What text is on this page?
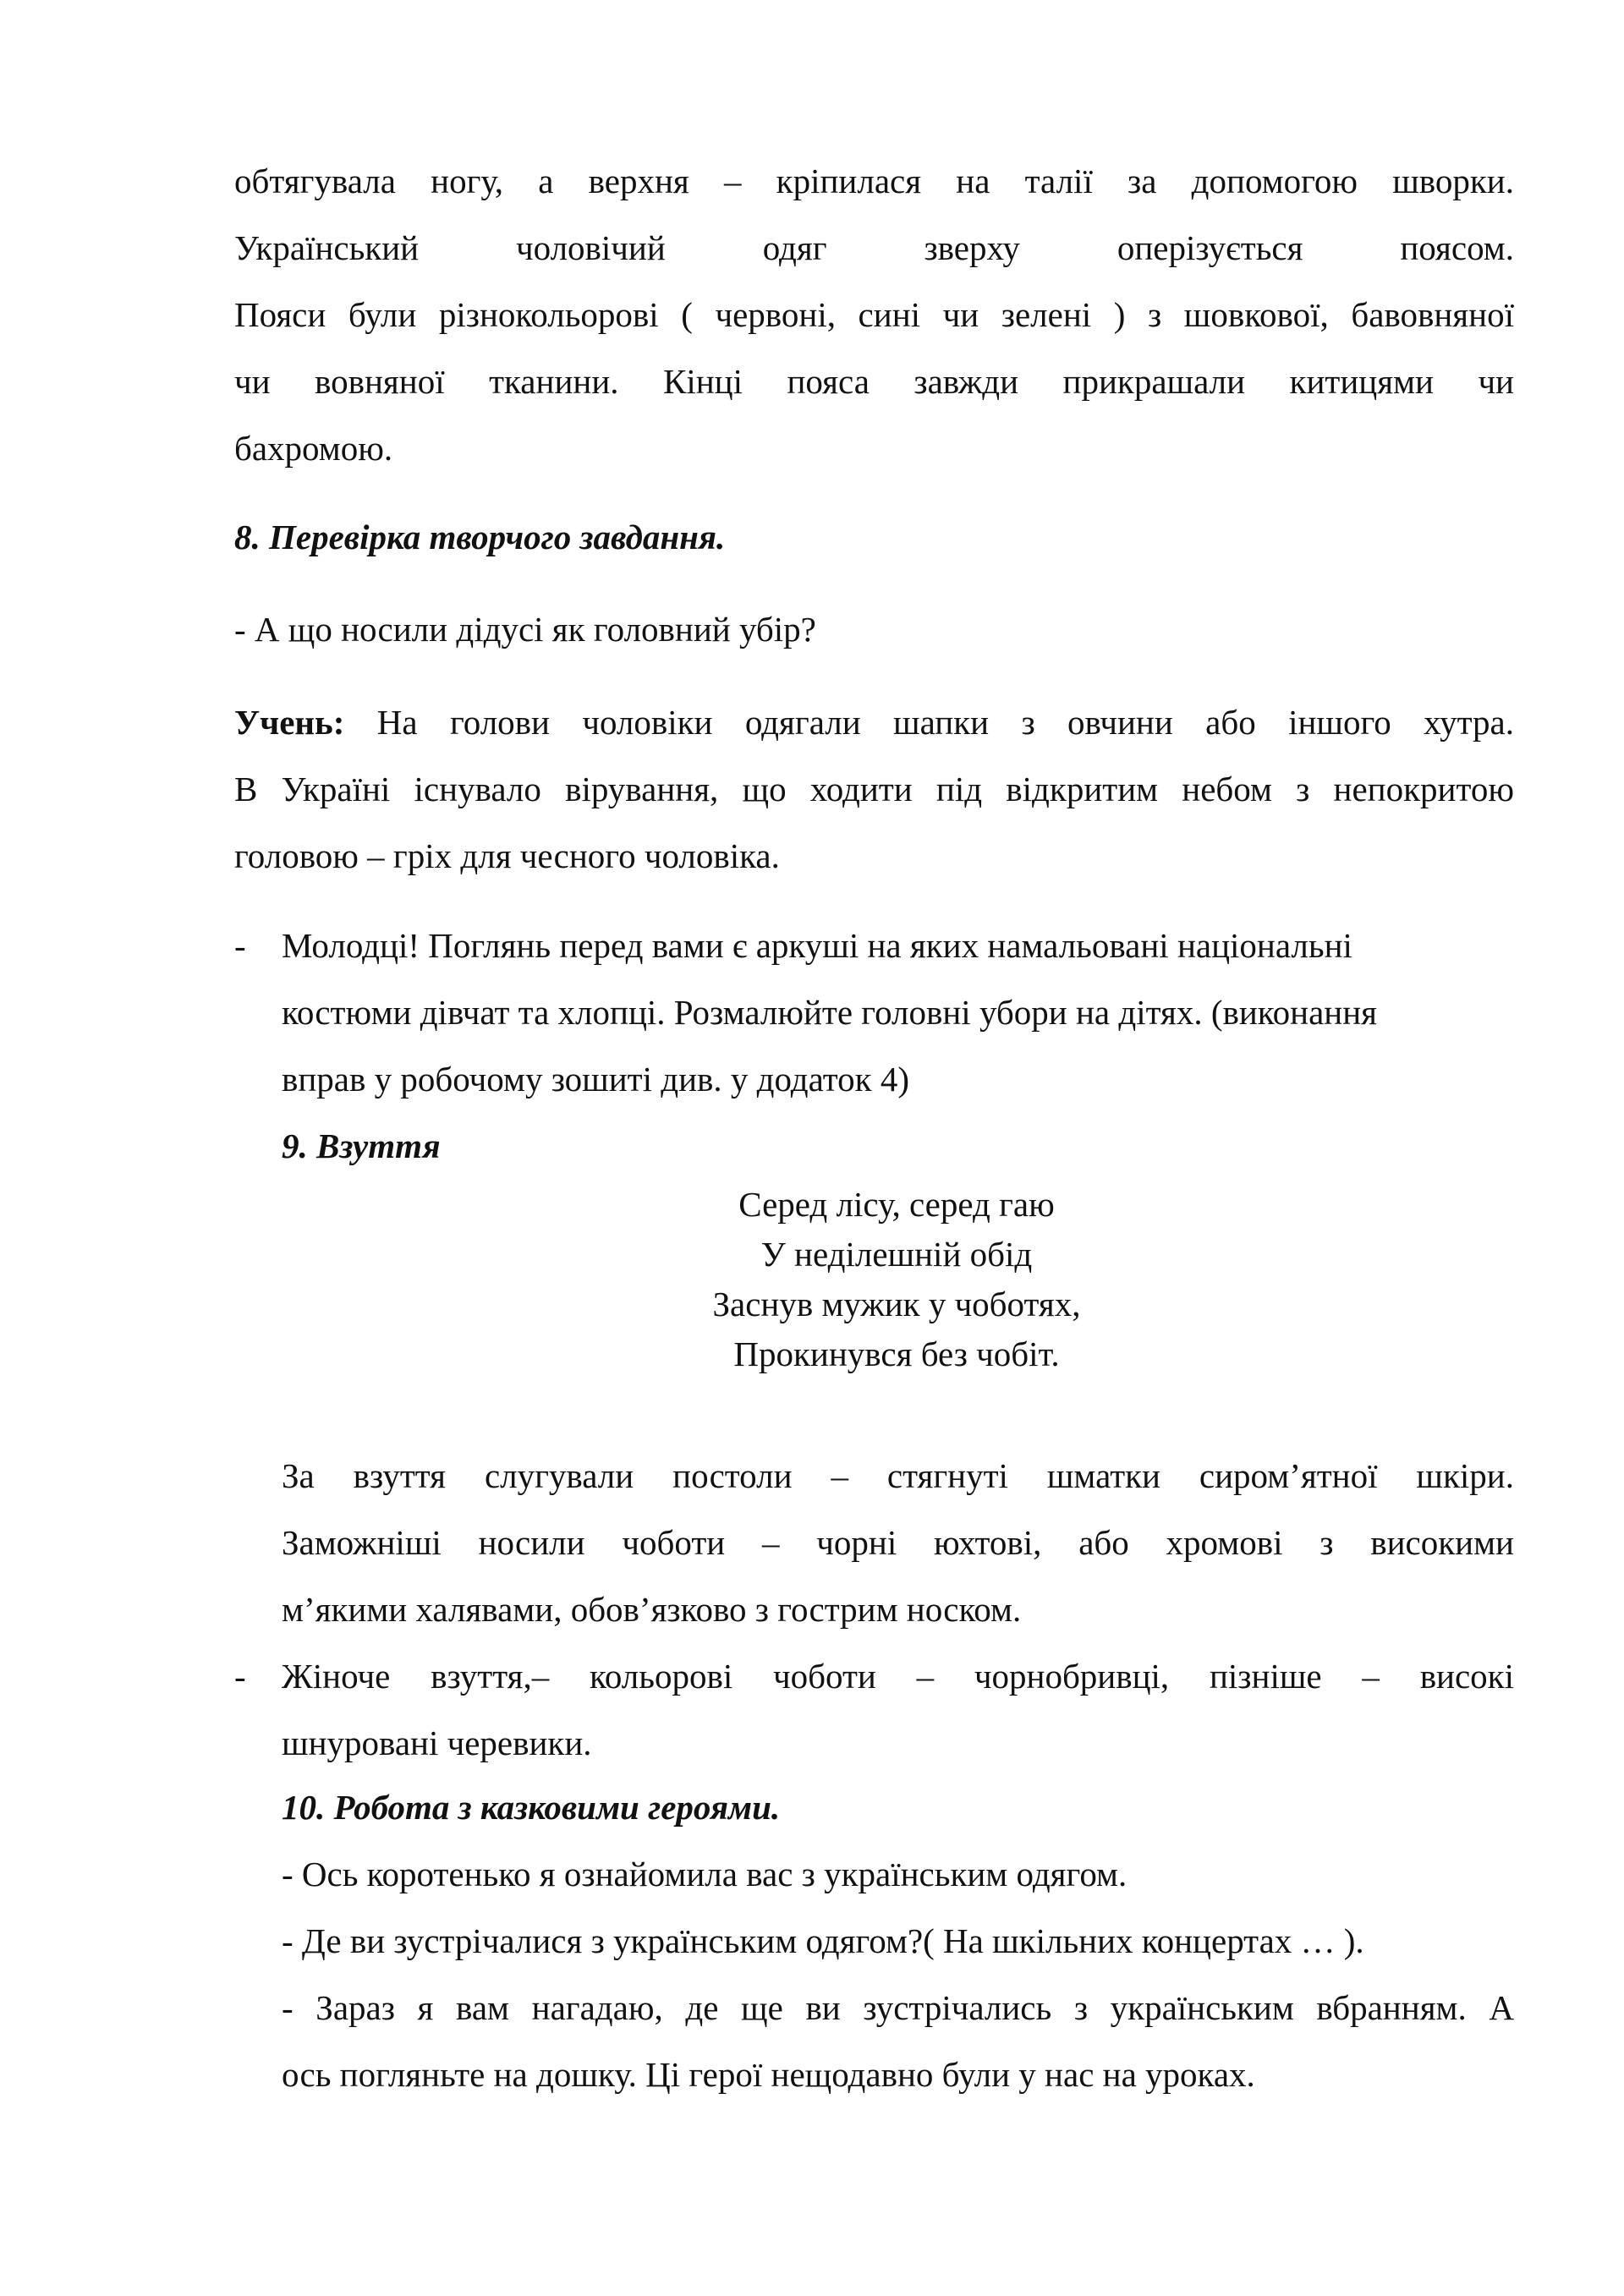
обтягувала ногу, а верхня – кріпилася на талії за допомогою шворки.
Український чоловічий одяг зверху оперізується поясом.
Пояси були різнокольорові ( червоні, сині чи зелені ) з шовкової, бавовняної
чи вовняної тканини. Кінці пояса завжди прикрашали китицями чи
бахромою.
8. Перевірка творчого завдання.
- А що носили дідусі як головний убір?
Учень: На голови чоловіки одягали шапки з овчини або іншого хутра.
В Україні існувало вірування, що ходити під відкритим небом з непокритою
головою – гріх для чесного чоловіка.
- Молодці! Поглянь перед вами є аркуші на яких намальовані національні
костюми дівчат та хлопці. Розмалюйте головні убори на дітях. (виконання
вправ у робочому зошиті див. у додаток 4)
9. Взуття
Серед лісу, серед гаю
У неділешній обід
Заснув мужик у чоботях,
Прокинувся без чобіт.
За взуття слугували постоли – стягнуті шматки сиром’ятної шкіри.
Заможніші носили чоботи – чорні юхтові, або хромові з високими
м’якими халявами, обов’язково з гострим носком.
- Жіноче взуття,– кольорові чоботи – чорнобривці, пізніше – високі
шнуровані черевики.
10. Робота з казковими героями.
- Ось коротенько я ознайомила вас з українським одягом.
- Де ви зустрічалися з українським одягом?( На шкільних концертах … ).
- Зараз я вам нагадаю, де ще ви зустрічались з українським вбранням. А
ось погляньте на дошку. Ці герої нещодавно були у нас на уроках.
